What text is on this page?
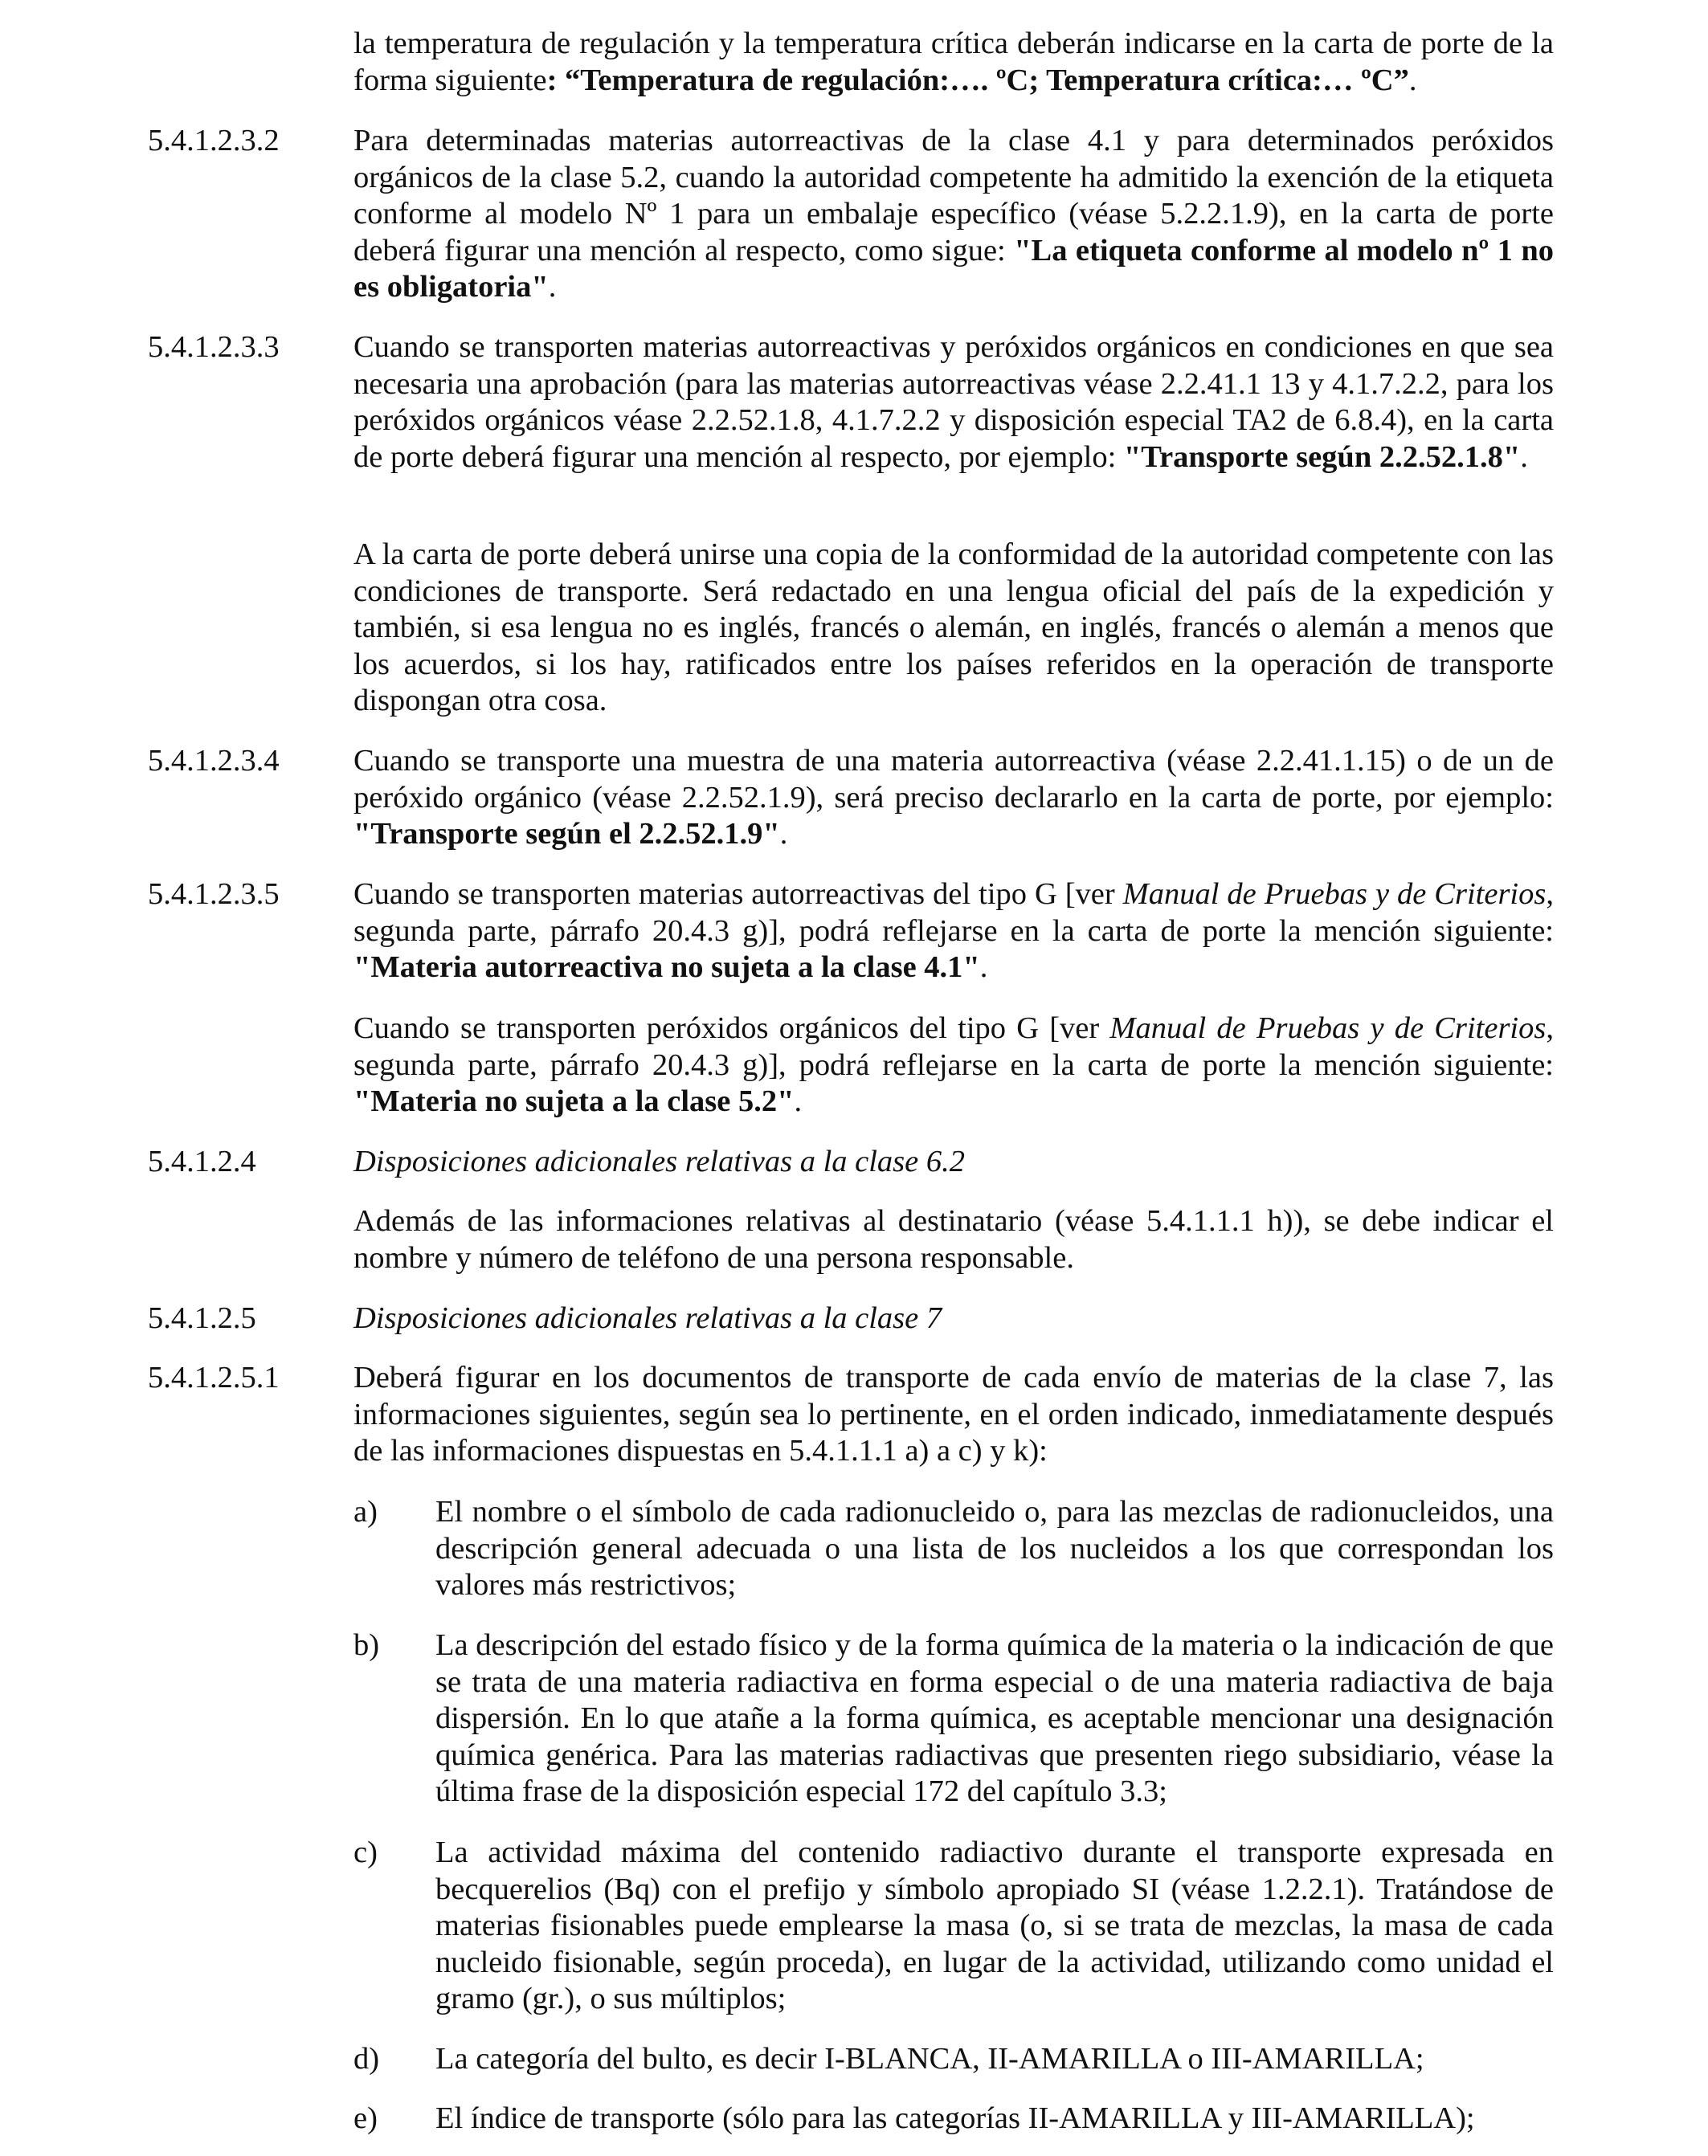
la temperatura de regulación y la temperatura crítica deberán indicarse en la carta de porte de la forma siguiente: “Temperatura de regulación:…. ºC; Temperatura crítica:… ºC”.
5.4.1.2.3.2 Para determinadas materias autorreactivas de la clase 4.1 y para determinados peróxidos orgánicos de la clase 5.2, cuando la autoridad competente ha admitido la exención de la etiqueta conforme al modelo Nº 1 para un embalaje específico (véase 5.2.2.1.9), en la carta de porte deberá figurar una mención al respecto, como sigue: "La etiqueta conforme al modelo nº 1 no es obligatoria".
5.4.1.2.3.3 Cuando se transporten materias autorreactivas y peróxidos orgánicos en condiciones en que sea necesaria una aprobación (para las materias autorreactivas véase 2.2.41.1 13 y 4.1.7.2.2, para los peróxidos orgánicos véase 2.2.52.1.8, 4.1.7.2.2 y disposición especial TA2 de 6.8.4), en la carta de porte deberá figurar una mención al respecto, por ejemplo: "Transporte según 2.2.52.1.8".
A la carta de porte deberá unirse una copia de la conformidad de la autoridad competente con las condiciones de transporte. Será redactado en una lengua oficial del país de la expedición y también, si esa lengua no es inglés, francés o alemán, en inglés, francés o alemán a menos que los acuerdos, si los hay, ratificados entre los países referidos en la operación de transporte dispongan otra cosa.
5.4.1.2.3.4 Cuando se transporte una muestra de una materia autorreactiva (véase 2.2.41.1.15) o de un de peróxido orgánico (véase 2.2.52.1.9), será preciso declararlo en la carta de porte, por ejemplo: "Transporte según el 2.2.52.1.9".
5.4.1.2.3.5 Cuando se transporten materias autorreactivas del tipo G [ver Manual de Pruebas y de Criterios, segunda parte, párrafo 20.4.3 g)], podrá reflejarse en la carta de porte la mención siguiente: "Materia autorreactiva no sujeta a la clase 4.1".
Cuando se transporten peróxidos orgánicos del tipo G [ver Manual de Pruebas y de Criterios, segunda parte, párrafo 20.4.3 g)], podrá reflejarse en la carta de porte la mención siguiente: "Materia no sujeta a la clase 5.2".
5.4.1.2.4	Disposiciones adicionales relativas a la clase 6.2
Además de las informaciones relativas al destinatario (véase 5.4.1.1.1 h)), se debe indicar el nombre y número de teléfono de una persona responsable.
5.4.1.2.5	Disposiciones adicionales relativas a la clase 7
5.4.1.2.5.1 Deberá figurar en los documentos de transporte de cada envío de materias de la clase 7, las informaciones siguientes, según sea lo pertinente, en el orden indicado, inmediatamente después de las informaciones dispuestas en 5.4.1.1.1 a) a c) y k):
a) El nombre o el símbolo de cada radionucleido o, para las mezclas de radionucleidos, una descripción general adecuada o una lista de los nucleidos a los que correspondan los valores más restrictivos;
b) La descripción del estado físico y de la forma química de la materia o la indicación de que se trata de una materia radiactiva en forma especial o de una materia radiactiva de baja dispersión. En lo que atañe a la forma química, es aceptable mencionar una designación química genérica. Para las materias radiactivas que presenten riego subsidiario, véase la última frase de la disposición especial 172 del capítulo 3.3;
c) La actividad máxima del contenido radiactivo durante el transporte expresada en becquerelios (Bq) con el prefijo y símbolo apropiado SI (véase 1.2.2.1). Tratándose de materias fisionables puede emplearse la masa (o, si se trata de mezclas, la masa de cada nucleido fisionable, según proceda), en lugar de la actividad, utilizando como unidad el gramo (gr.), o sus múltiplos;
d) La categoría del bulto, es decir I-BLANCA, II-AMARILLA o III-AMARILLA;
e) El índice de transporte (sólo para las categorías II-AMARILLA y III-AMARILLA);
